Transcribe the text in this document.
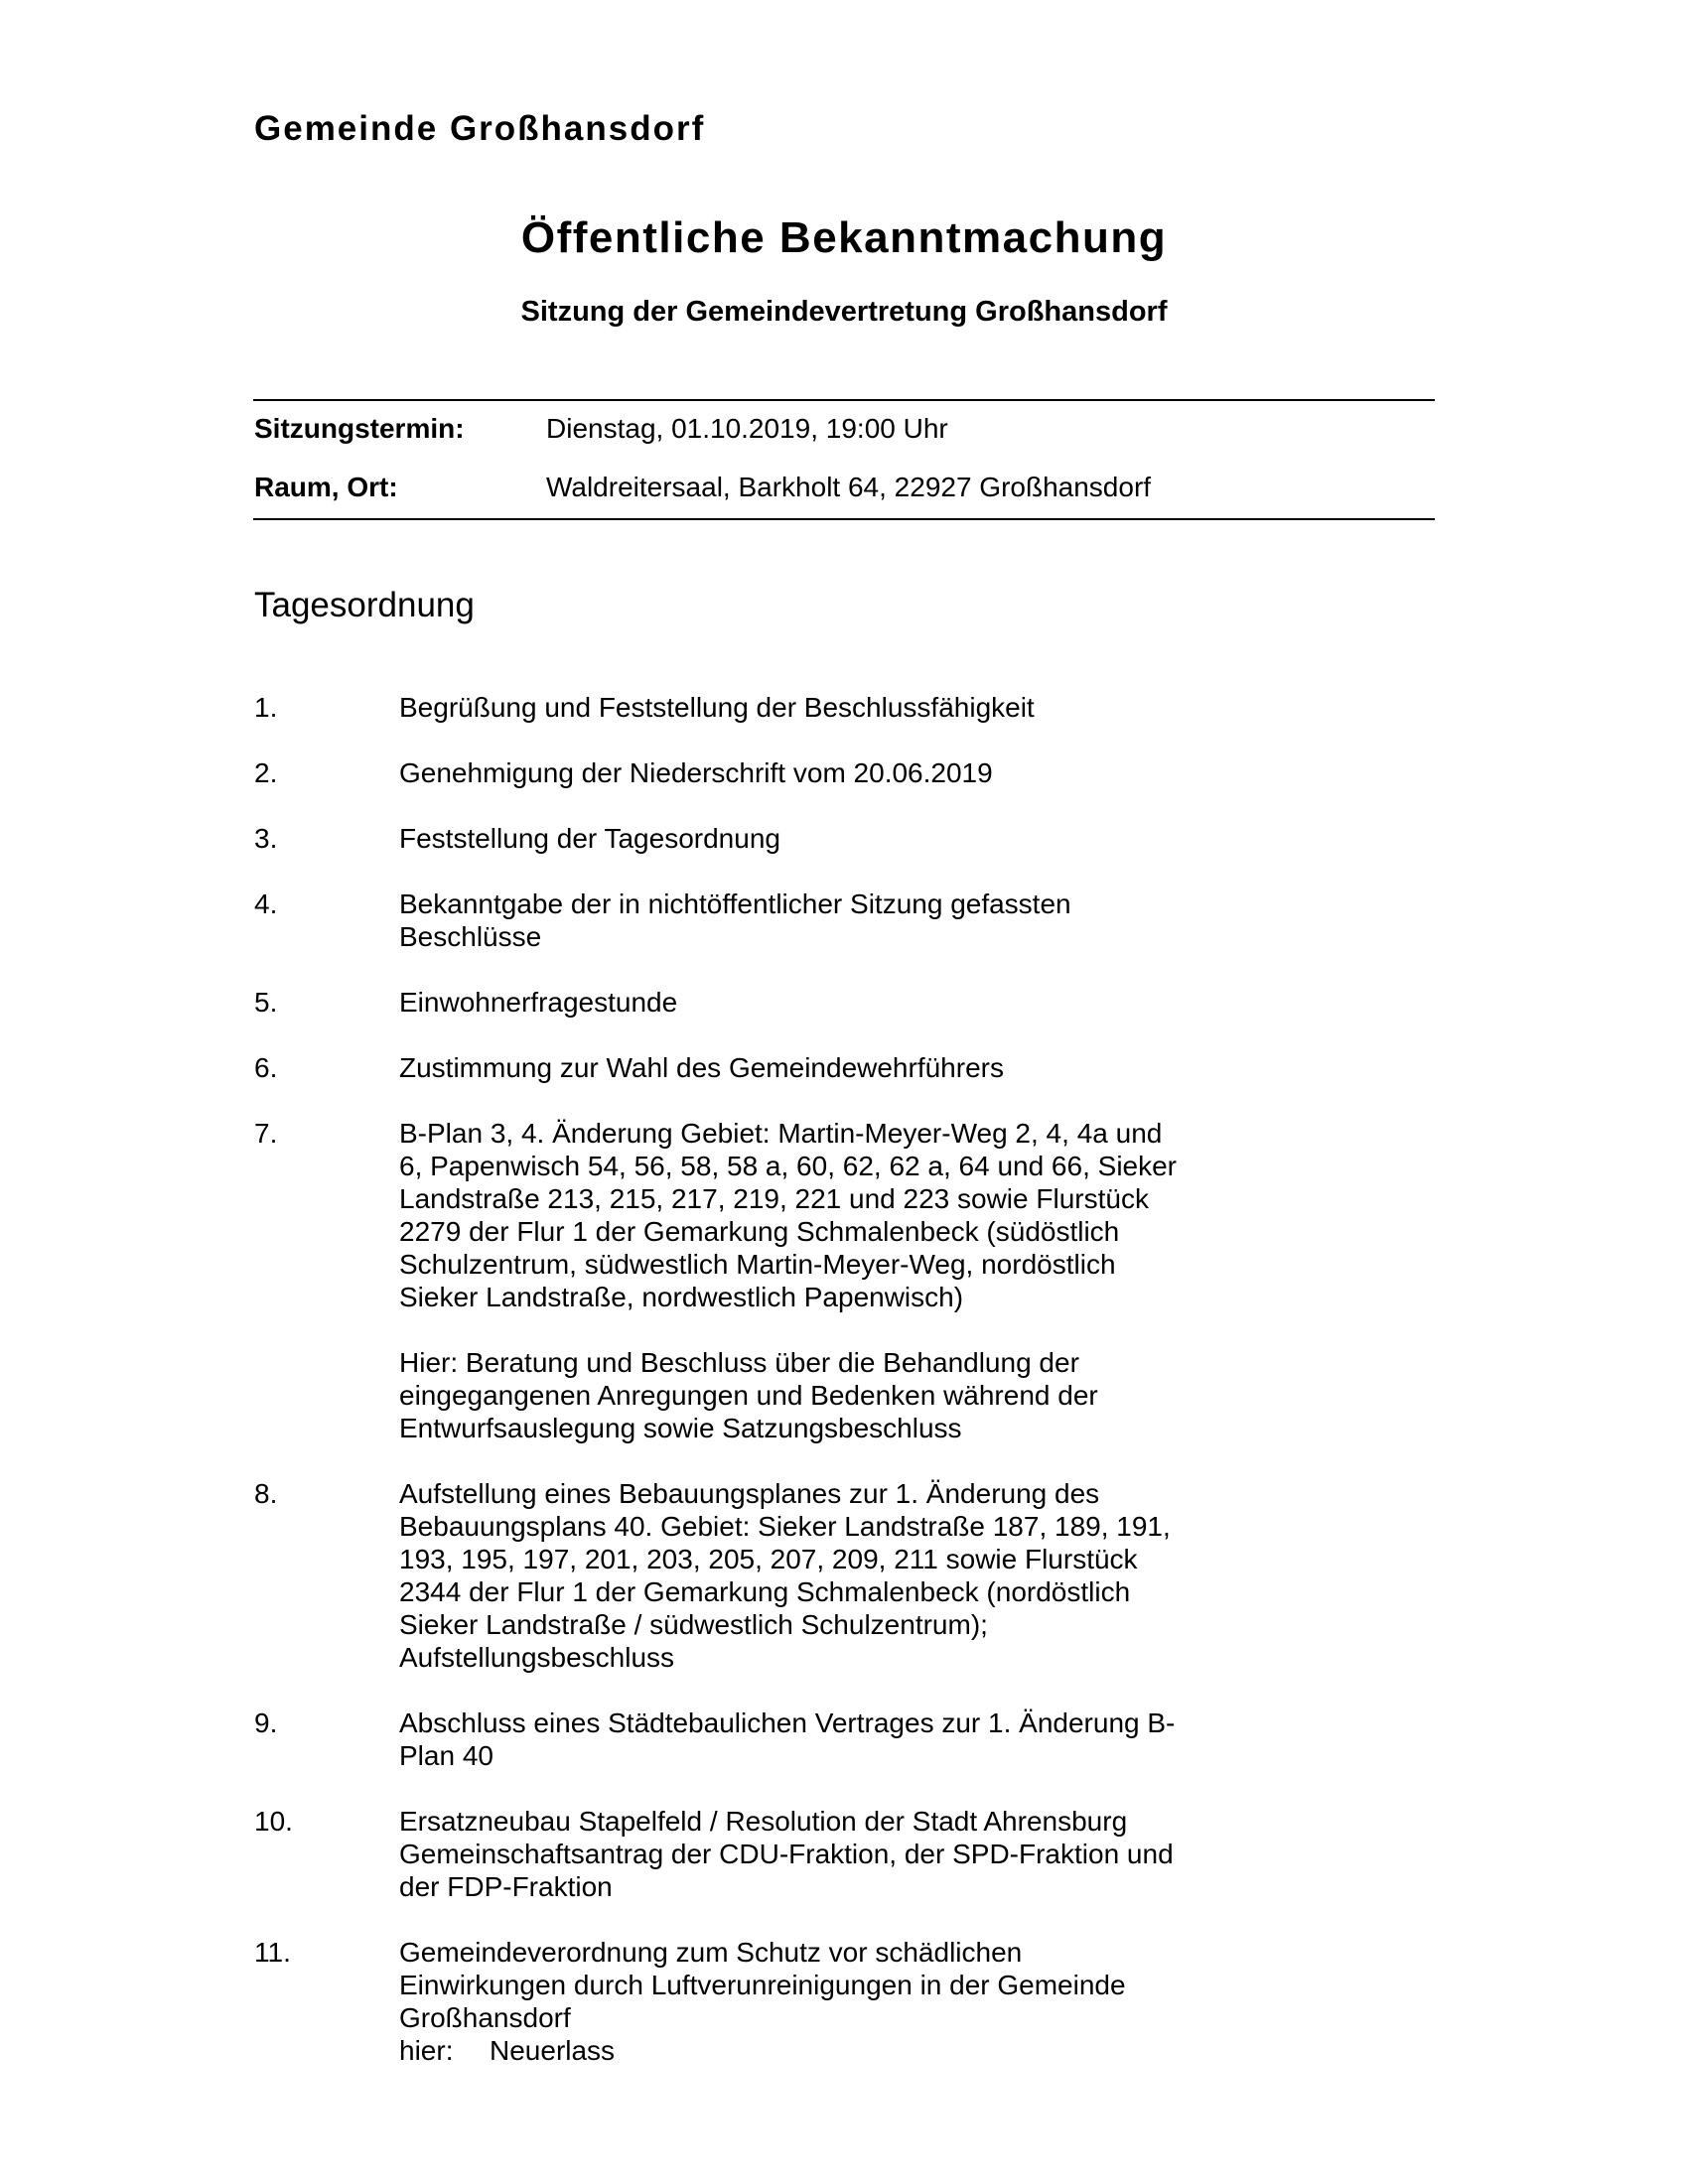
Gemeinde Großhansdorf
Öffentliche Bekanntmachung
Sitzung der Gemeindevertretung Großhansdorf
Sitzungstermin:	Dienstag, 01.10.2019, 19:00 Uhr
Raum, Ort:	Waldreitersaal, Barkholt 64, 22927 Großhansdorf
Tagesordnung
1.	Begrüßung und Feststellung der Beschlussfähigkeit

2.	Genehmigung der Niederschrift vom 20.06.2019

3.	Feststellung der Tagesordnung

4.	Bekanntgabe der in nichtöffentlicher Sitzung gefassten
Beschlüsse

5.	Einwohnerfragestunde

6.	Zustimmung zur Wahl des Gemeindewehrführers

7.	B-Plan 3, 4. Änderung Gebiet: Martin-Meyer-Weg 2, 4, 4a und
6, Papenwisch 54, 56, 58, 58 a, 60, 62, 62 a, 64 und 66, Sieker
Landstraße 213, 215, 217, 219, 221 und 223 sowie Flurstück
2279 der Flur 1 der Gemarkung Schmalenbeck (südöstlich
Schulzentrum, südwestlich Martin-Meyer-Weg, nordöstlich
Sieker Landstraße, nordwestlich Papenwisch)

Hier: Beratung und Beschluss über die Behandlung der
eingegangenen Anregungen und Bedenken während der
Entwurfsauslegung sowie Satzungsbeschluss

8.	Aufstellung eines Bebauungsplanes zur 1. Änderung des
Bebauungsplans 40. Gebiet: Sieker Landstraße 187, 189, 191,
193, 195, 197, 201, 203, 205, 207, 209, 211 sowie Flurstück
2344 der Flur 1 der Gemarkung Schmalenbeck (nordöstlich
Sieker Landstraße / südwestlich Schulzentrum);
Aufstellungsbeschluss

9.	Abschluss eines Städtebaulichen Vertrages zur 1. Änderung B-
Plan 40

10.	Ersatzneubau Stapelfeld / Resolution der Stadt Ahrensburg
Gemeinschaftsantrag der CDU-Fraktion, der SPD-Fraktion und
der FDP-Fraktion

11.	Gemeindeverordnung zum Schutz vor schädlichen
Einwirkungen durch Luftverunreinigungen in der Gemeinde
Großhansdorf

hier: Neuerlass
